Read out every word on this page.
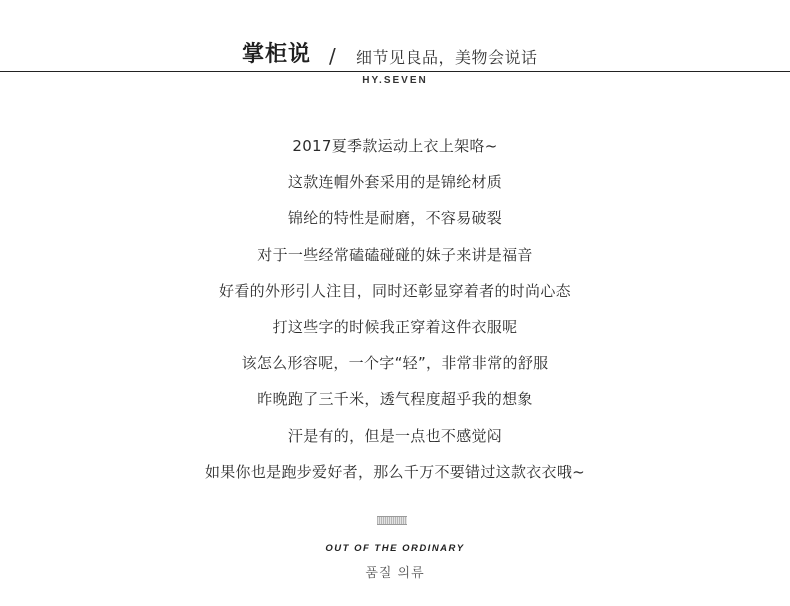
掌柜说 / 细节见良品，美物会说话
HY.SEVEN
2017夏季款运动上衣上架咯~
这款连帽外套采用的是锦纶材质
锦纶的特性是耐磨，不容易破裂
对于一些经常磕磕碰碰的妹子来讲是福音
好看的外形引人注目，同时还彰显穿着者的时尚心态
打这些字的时候我正穿着这件衣服呢
该怎么形容呢，一个字“轻”，非常非常的舒服
昨晚跑了三千米，透气程度超乎我的想象
汗是有的，但是一点也不感觉闷
如果你也是跑步爱好者，那么千万不要错过这款衣衣哦~
OUT OF THE ORDINARY
품질 의류
